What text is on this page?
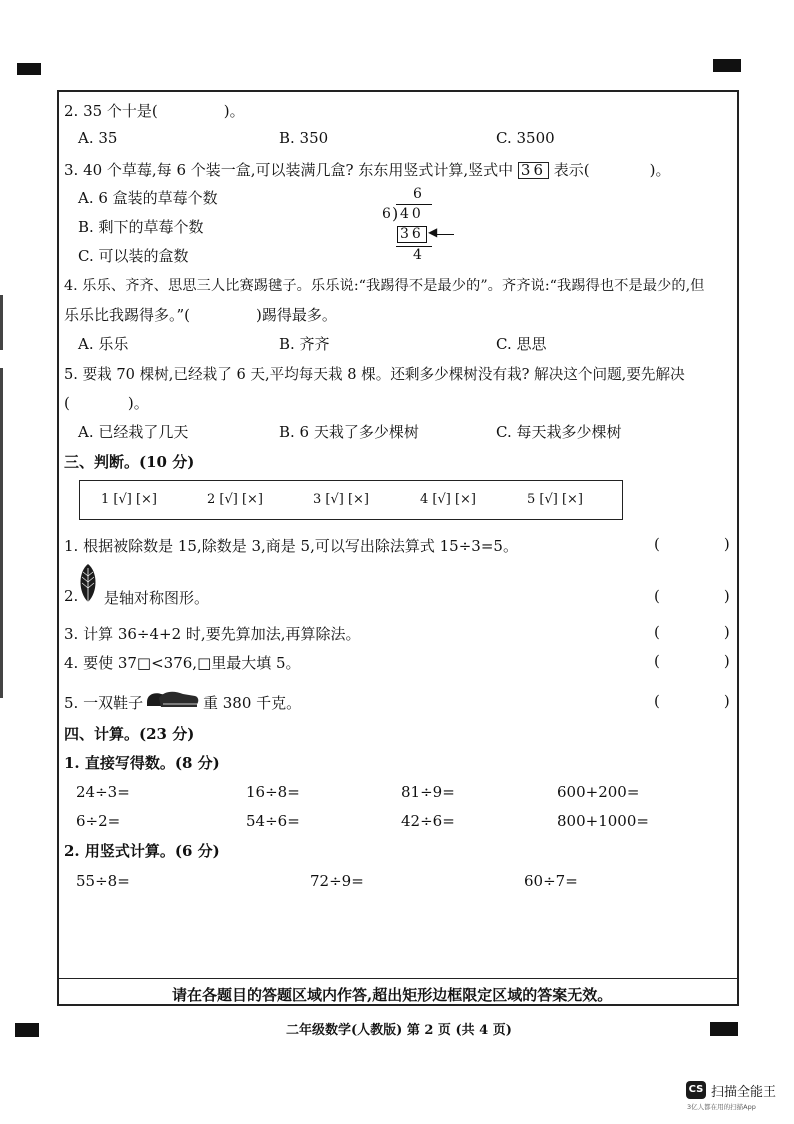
2. 35 个十是(	)。
A. 35	B. 350	C. 3500
3. 40 个草莓,每 6 个装一盒,可以装满几盒? 东东用竖式计算,竖式中 36 表示(	)。
A. 6 盒装的草莓个数
B. 剩下的草莓个数
C. 可以装的盒数
6
6 ) 40
36 ◀
4
4. 乐乐、齐齐、思思三人比赛踢毽子。乐乐说:“我踢得不是最少的”。齐齐说:“我踢得也不是最少的,但
乐乐比我踢得多。”(	)踢得最多。
A. 乐乐	B. 齐齐	C. 思思
5. 要栽 70 棵树,已经栽了 6 天,平均每天栽 8 棵。还剩多少棵树没有栽? 解决这个问题,要先解决
(	)。
A. 已经栽了几天	B. 6 天栽了多少棵树	C. 每天栽多少棵树
三、判断。(10 分)
1 [√] [×]	2 [√] [×]	3 [√] [×]	4 [√] [×]	5 [√] [×]
1. 根据被除数是 15,除数是 3,商是 5,可以写出除法算式 15÷3=5。	(	)
2. 是轴对称图形。	(	)
3. 计算 36÷4+2 时,要先算加法,再算除法。	(	)
4. 要使 37□<376,□里最大填 5。	(	)
5. 一双鞋子	重 380 千克。	(	)
四、计算。(23 分)
1. 直接写得数。(8 分)
24÷3=	16÷8=	81÷9=	600+200=
6÷2=	54÷6=	42÷6=	800+1000=
2. 用竖式计算。(6 分)
55÷8=	72÷9=	60÷7=
请在各题目的答题区域内作答,超出矩形边框限定区域的答案无效。
二年级数学(人教版) 第 2 页 (共 4 页)
CS 扫描全能王
3亿人都在用的扫描App
